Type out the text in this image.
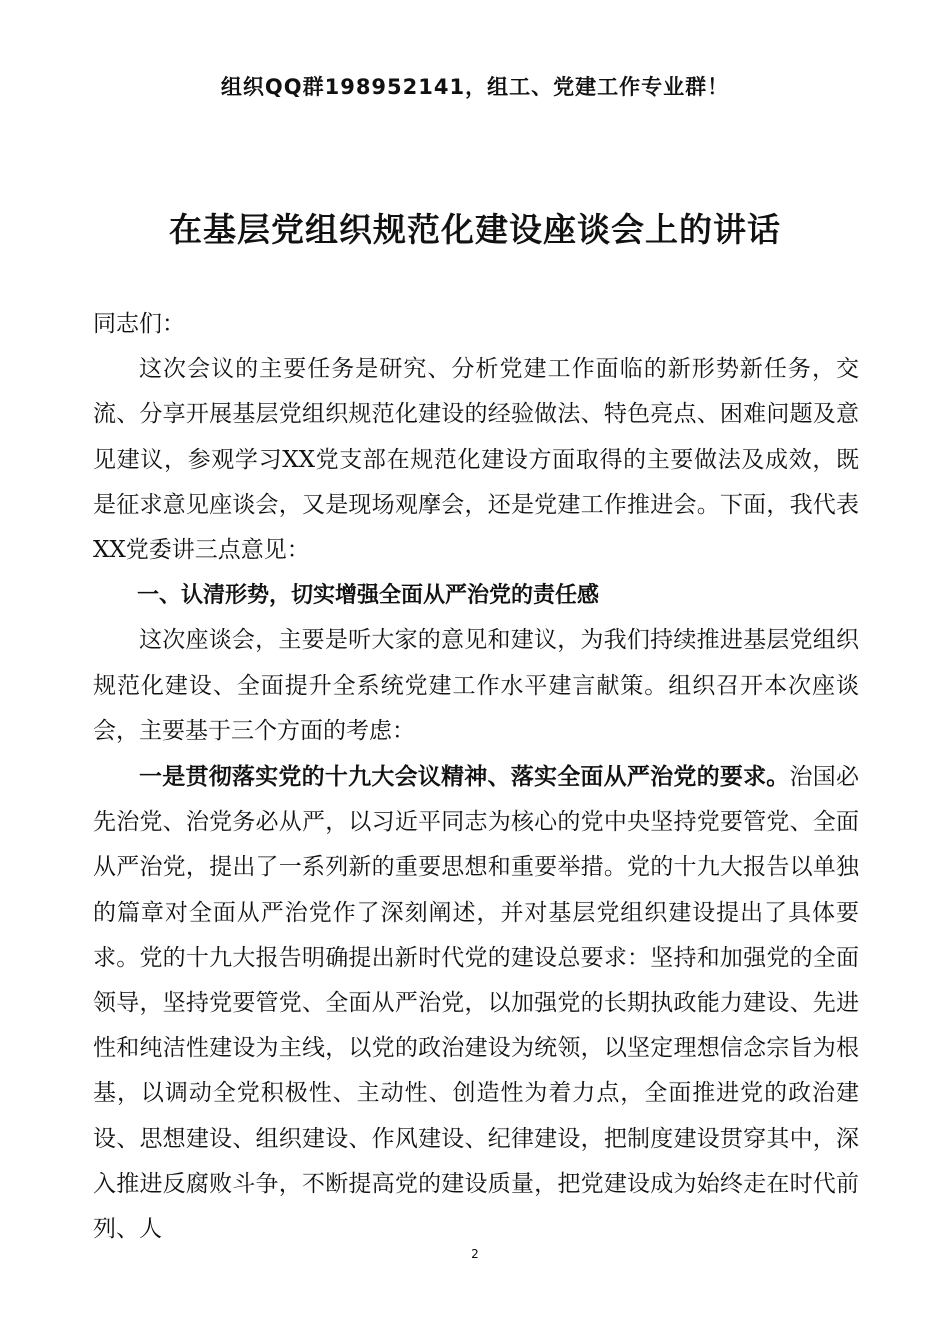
组织QQ群198952141，组工、党建工作专业群！
在基层党组织规范化建设座谈会上的讲话

同志们：

这次会议的主要任务是研究、分析党建工作面临的新形势新任务，交流、分享开展基层党组织规范化建设的经验做法、特色亮点、困难问题及意见建议，参观学习XX党支部在规范化建设方面取得的主要做法及成效，既是征求意见座谈会，又是现场观摩会，还是党建工作推进会。下面，我代表XX党委讲三点意见：

一、认清形势，切实增强全面从严治党的责任感

这次座谈会，主要是听大家的意见和建议，为我们持续推进基层党组织规范化建设、全面提升全系统党建工作水平建言献策。组织召开本次座谈会，主要基于三个方面的考虑：

一是贯彻落实党的十九大会议精神、落实全面从严治党的要求。治国必先治党、治党务必从严，以习近平同志为核心的党中央坚持党要管党、全面从严治党，提出了一系列新的重要思想和重要举措。党的十九大报告以单独的篇章对全面从严治党作了深刻阐述，并对基层党组织建设提出了具体要求。党的十九大报告明确提出新时代党的建设总要求：坚持和加强党的全面领导，坚持党要管党、全面从严治党，以加强党的长期执政能力建设、先进性和纯洁性建设为主线，以党的政治建设为统领，以坚定理想信念宗旨为根基，以调动全党积极性、主动性、创造性为着力点，全面推进党的政治建设、思想建设、组织建设、作风建设、纪律建设，把制度建设贯穿其中，深入推进反腐败斗争，不断提高党的建设质量，把党建设成为始终走在时代前列、人

2
